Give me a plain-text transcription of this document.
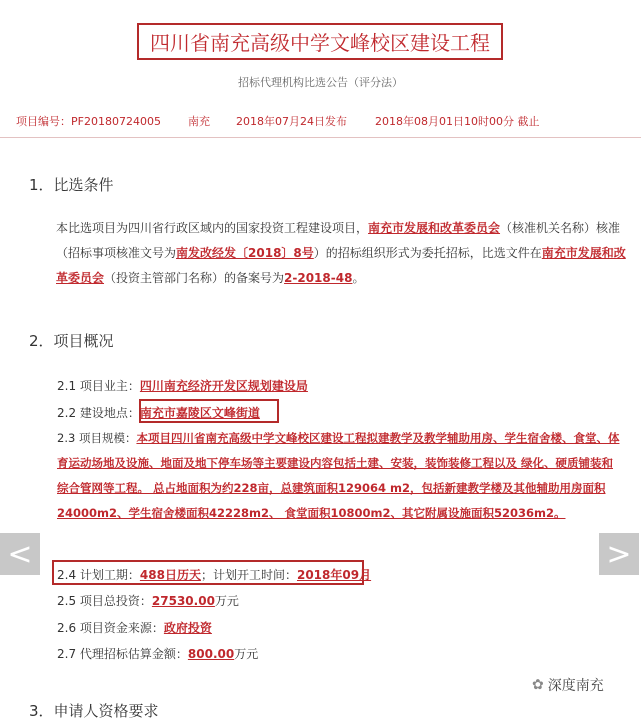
四川省南充高级中学文峰校区建设工程
招标代理机构比选公告（评分法）
项目编号：PF20180724005 南充 2018年07月24日发布	2018年08月01日10时00分 截止
1．比选条件
本比选项目为四川省行政区域内的国家投资工程建设项目，南充市发展和改革委员会（核准机关名称）核准（招标事项核准文号为南发改经发〔2018〕8号）的招标组织形式为委托招标，比选文件在南充市发展和改革委员会（投资主管部门名称）的备案号为2-2018-48。
2．项目概况
2.1 项目业主：四川南充经济开发区规划建设局
2.2 建设地点：南充市嘉陵区文峰街道
2.3 项目规模：本项目四川省南充高级中学文峰校区建设工程拟建教学及教学辅助用房、学生宿舍楼、食堂、体育运动场地及设施、地面及地下停车场等主要建设内容包括土建、安装，装饰装修工程以及 绿化、硬质铺装和综合管网等工程。 总占地面积为约228亩，总建筑面积129064 m2，包括新建教学楼及其他辅助用房面积24000m2、学生宿舍楼面积42228m2、 食堂面积10800m2、其它附属设施面积52036m2。
2.4 计划工期：488日历天；计划开工时间：2018年09月
2.5 项目总投资：27530.00万元
2.6 项目资金来源：政府投资
2.7 代理招标估算金额：800.00万元
3．申请人资格要求
<	>
✿ 深度南充
